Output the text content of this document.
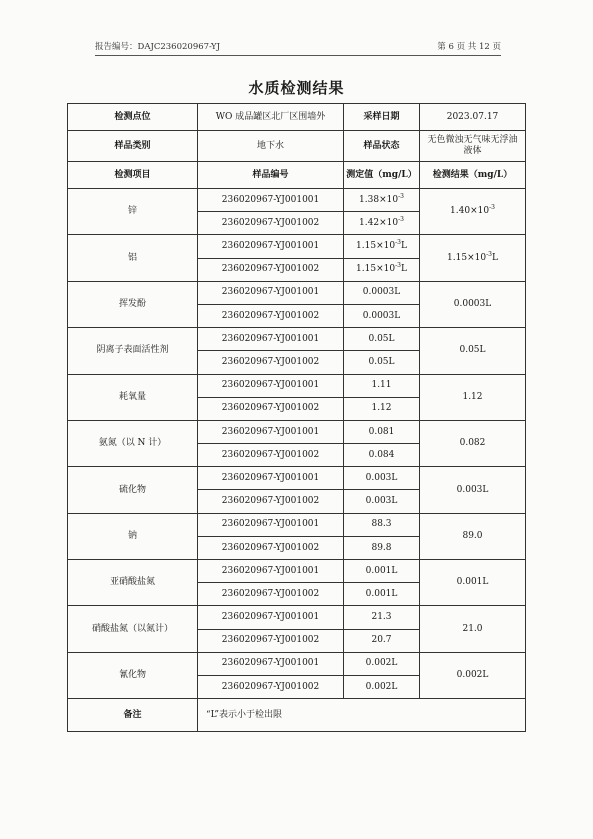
报告编号：DAJC236020967-YJ	第 6 页 共 12 页
水质检测结果
检测点位	WO 成品罐区北厂区围墙外	采样日期	2023.07.17
样品类别	地下水	样品状态	无色微浊无气味无浮油液体
检测项目	样品编号	测定值（mg/L）	检测结果（mg/L）
锌	236020967-YJ001001	$1.38\times 10^{-3}$	$1.40\times 10^{-3}$
	236020967-YJ001002	$1.42\times 10^{-3}$
铝	236020967-YJ001001	$1.15\times 10^{-3}L$	$1.15\times 10^{-3}L$
	236020967-YJ001002	$1.15\times 10^{-3}L$	
挥发酚	236020967-YJ001001	0.0003L	0.0003L
	236020967-YJ001002	0.0003L	
阴离子表面活性剂	236020967-YJ001001	0.05L	0.05L
	236020967-YJ001002	0.05L	
耗氧量	236020967-YJ001001	1.11	1.12
	236020967-YJ001002	1.12	
氨氮（以 N 计）	236020967-YJ001001	0.081	0.082
	236020967-YJ001002	0.084	
硫化物	236020967-YJ001001	0.003L	0.003L
	236020967-YJ001002	0.003L	
钠	236020967-YJ001001	88.3	89.0
	236020967-YJ001002	89.8	
亚硝酸盐氮	236020967-YJ001001	0.001L	0.001L
	236020967-YJ001002	0.001L	
硝酸盐氮（以氮计）	236020967-YJ001001	21.3	21.0
	236020967-YJ001002	20.7	
氰化物	236020967-YJ001001	0.002L	0.002L
	236020967-YJ001002	0.002L	
备注	“L”表示小于检出限		
